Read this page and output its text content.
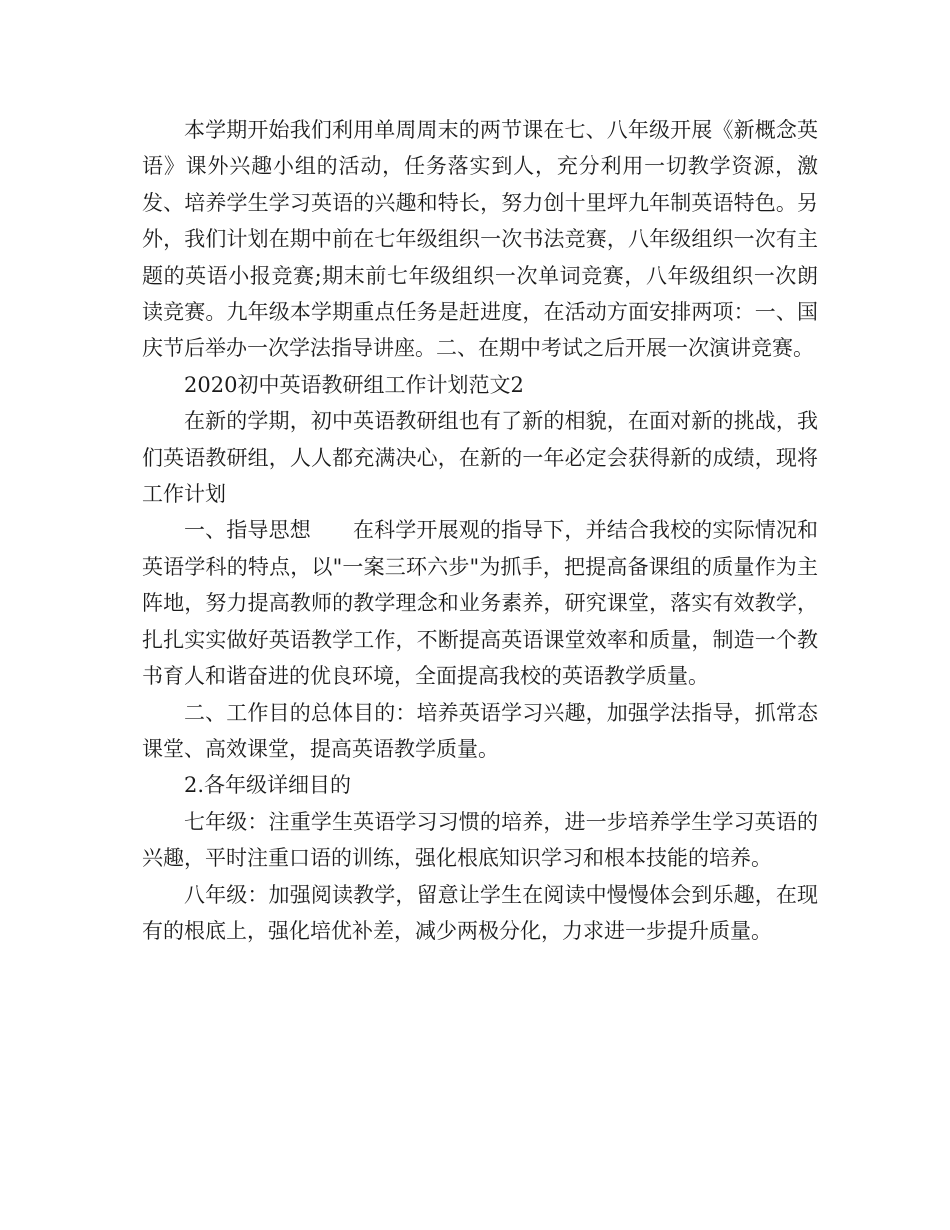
本学期开始我们利用单周周末的两节课在七、八年级开展《新概念英语》课外兴趣小组的活动，任务落实到人，充分利用一切教学资源，激发、培养学生学习英语的兴趣和特长，努力创十里坪九年制英语特色。另外，我们计划在期中前在七年级组织一次书法竞赛，八年级组织一次有主题的英语小报竞赛;期末前七年级组织一次单词竞赛，八年级组织一次朗读竞赛。九年级本学期重点任务是赶进度，在活动方面安排两项：一、国庆节后举办一次学法指导讲座。二、在期中考试之后开展一次演讲竞赛。

2020初中英语教研组工作计划范文2

在新的学期，初中英语教研组也有了新的相貌，在面对新的挑战，我们英语教研组，人人都充满决心，在新的一年必定会获得新的成绩，现将工作计划

一、指导思想 在科学开展观的指导下，并结合我校的实际情况和英语学科的特点，以"一案三环六步"为抓手，把提高备课组的质量作为主阵地，努力提高教师的教学理念和业务素养，研究课堂，落实有效教学，扎扎实实做好英语教学工作，不断提高英语课堂效率和质量，制造一个教书育人和谐奋进的优良环境，全面提高我校的英语教学质量。

二、工作目的总体目的：培养英语学习兴趣，加强学法指导，抓常态课堂、高效课堂，提高英语教学质量。

2.各年级详细目的

七年级：注重学生英语学习习惯的培养，进一步培养学生学习英语的兴趣，平时注重口语的训练，强化根底知识学习和根本技能的培养。

八年级：加强阅读教学，留意让学生在阅读中慢慢体会到乐趣，在现有的根底上，强化培优补差，减少两极分化，力求进一步提升质量。
